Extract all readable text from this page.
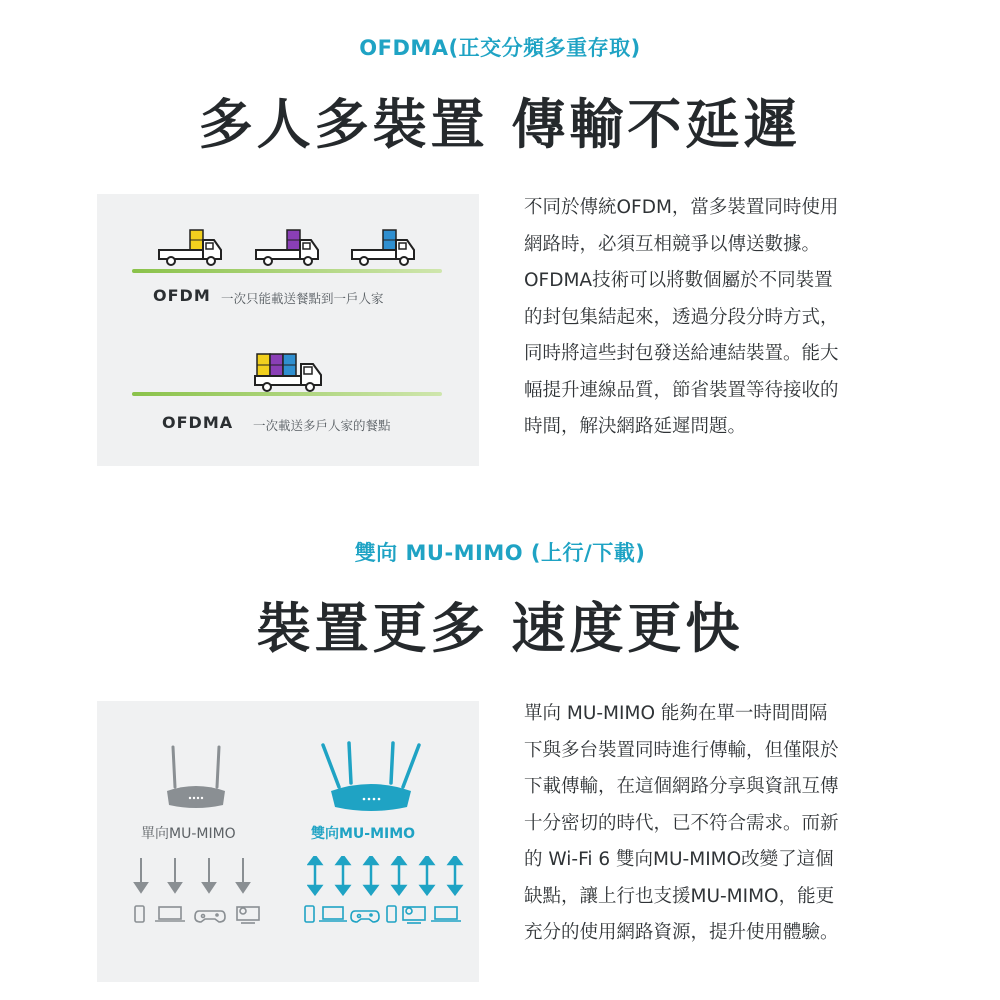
OFDMA(正交分頻多重存取)
多人多裝置 傳輸不延遲
OFDM 一次只能載送餐點到一戶人家
OFDMA 一次載送多戶人家的餐點
不同於傳統OFDM，當多裝置同時使用
網路時，必須互相競爭以傳送數據。
OFDMA技術可以將數個屬於不同裝置
的封包集結起來，透過分段分時方式，
同時將這些封包發送給連結裝置。能大
幅提升連線品質，節省裝置等待接收的
時間，解決網路延遲問題。
雙向 MU-MIMO (上行/下載)
裝置更多 速度更快
單向MU-MIMO	雙向MU-MIMO
單向 MU-MIMO 能夠在單一時間間隔
下與多台裝置同時進行傳輸，但僅限於
下載傳輸，在這個網路分享與資訊互傳
十分密切的時代，已不符合需求。而新
的 Wi-Fi 6 雙向MU-MIMO改變了這個
缺點，讓上行也支援MU-MIMO，能更
充分的使用網路資源，提升使用體驗。
